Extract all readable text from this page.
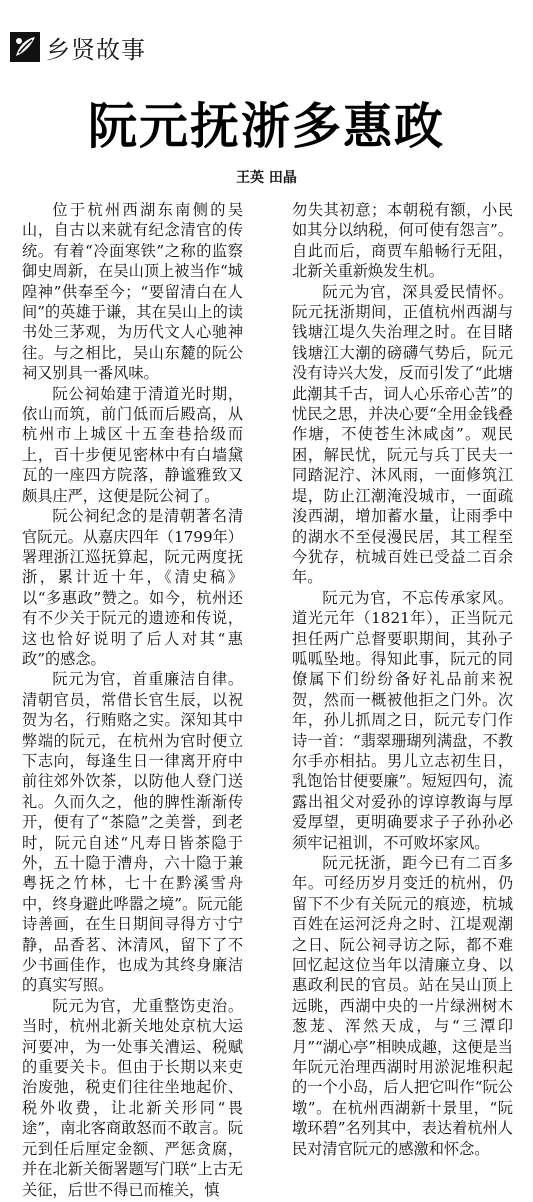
乡贤故事
阮元抚浙多惠政
王英 田晶

位于杭州西湖东南侧的吴山，自古以来就有纪念清官的传统。有着“冷面寒铁”之称的监察御史周新，在吴山顶上被当作“城隍神”供奉至今；“要留清白在人间”的英雄于谦，其在吴山上的读书处三茅观，为历代文人心驰神往。与之相比，吴山东麓的阮公祠又别具一番风味。

阮公祠始建于清道光时期，依山而筑，前门低而后殿高，从杭州市上城区十五奎巷拾级而上，百十步便见密林中有白墙黛瓦的一座四方院落，静谧雅致又颇具庄严，这便是阮公祠了。

阮公祠纪念的是清朝著名清官阮元。从嘉庆四年（1799年）署理浙江巡抚算起，阮元两度抚浙，累计近十年，《清史稿》以“多惠政”赞之。如今，杭州还有不少关于阮元的遗迹和传说，这也恰好说明了后人对其“惠政”的感念。

阮元为官，首重廉洁自律。清朝官员，常借长官生辰，以祝贺为名，行贿赂之实。深知其中弊端的阮元，在杭州为官时便立下志向，每逢生日一律离开府中前往郊外饮茶，以防他人登门送礼。久而久之，他的脾性渐渐传开，便有了“茶隐”之美誉，到老时，阮元自述“凡寿日皆茶隐于外，五十隐于漕舟，六十隐于兼粤抚之竹林，七十在黔溪雪舟中，终身避此哗嚣之境”。阮元能诗善画，在生日期间寻得方寸宁静，品香茗、沐清风，留下了不少书画佳作，也成为其终身廉洁的真实写照。

阮元为官，尤重整饬吏治。当时，杭州北新关地处京杭大运河要冲，为一处事关漕运、税赋的重要关卡。但由于长期以来吏治废弛，税吏们往往坐地起价、税外收费，让北新关形同“畏途”，南北客商敢怒而不敢言。阮元到任后厘定金额、严惩贪腐，并在北新关衙署题写门联“上古无关征，后世不得已而榷关，慎

勿失其初意；本朝税有额，小民如其分以纳税，何可使有怨言”。自此而后，商贾车船畅行无阻，北新关重新焕发生机。

阮元为官，深具爱民情怀。阮元抚浙期间，正值杭州西湖与钱塘江堤久失治理之时。在目睹钱塘江大潮的磅礴气势后，阮元没有诗兴大发，反而引发了“此塘此潮其千古，词人心乐帝心苦”的忧民之思，并决心要“全用金钱叠作塘，不使苍生沐咸卤”。观民困，解民忧，阮元与兵丁民夫一同踏泥泞、沐风雨，一面修筑江堤，防止江潮淹没城市，一面疏浚西湖，增加蓄水量，让雨季中的湖水不至侵漫民居，其工程至今犹存，杭城百姓已受益二百余年。

阮元为官，不忘传承家风。道光元年（1821年），正当阮元担任两广总督要职期间，其孙子呱呱坠地。得知此事，阮元的同僚属下们纷纷备好礼品前来祝贺，然而一概被他拒之门外。次年，孙儿抓周之日，阮元专门作诗一首：“翡翠珊瑚列满盘，不教尔手亦相拈。男儿立志初生日，乳饱饴甘便要廉”。短短四句，流露出祖父对爱孙的谆谆教诲与厚爱厚望，更明确要求子子孙孙必须牢记祖训，不可败坏家风。

阮元抚浙，距今已有二百多年。可经历岁月变迁的杭州，仍留下不少有关阮元的痕迹，杭城百姓在运河泛舟之时、江堤观潮之日、阮公祠寻访之际，都不难回忆起这位当年以清廉立身、以惠政利民的官员。站在吴山顶上远眺，西湖中央的一片绿洲树木葱茏、浑然天成，与“三潭印月”“湖心亭”相映成趣，这便是当年阮元治理西湖时用淤泥堆积起的一个小岛，后人把它叫作“阮公墩”。在杭州西湖新十景里，“阮墩环碧”名列其中，表达着杭州人民对清官阮元的感激和怀念。
